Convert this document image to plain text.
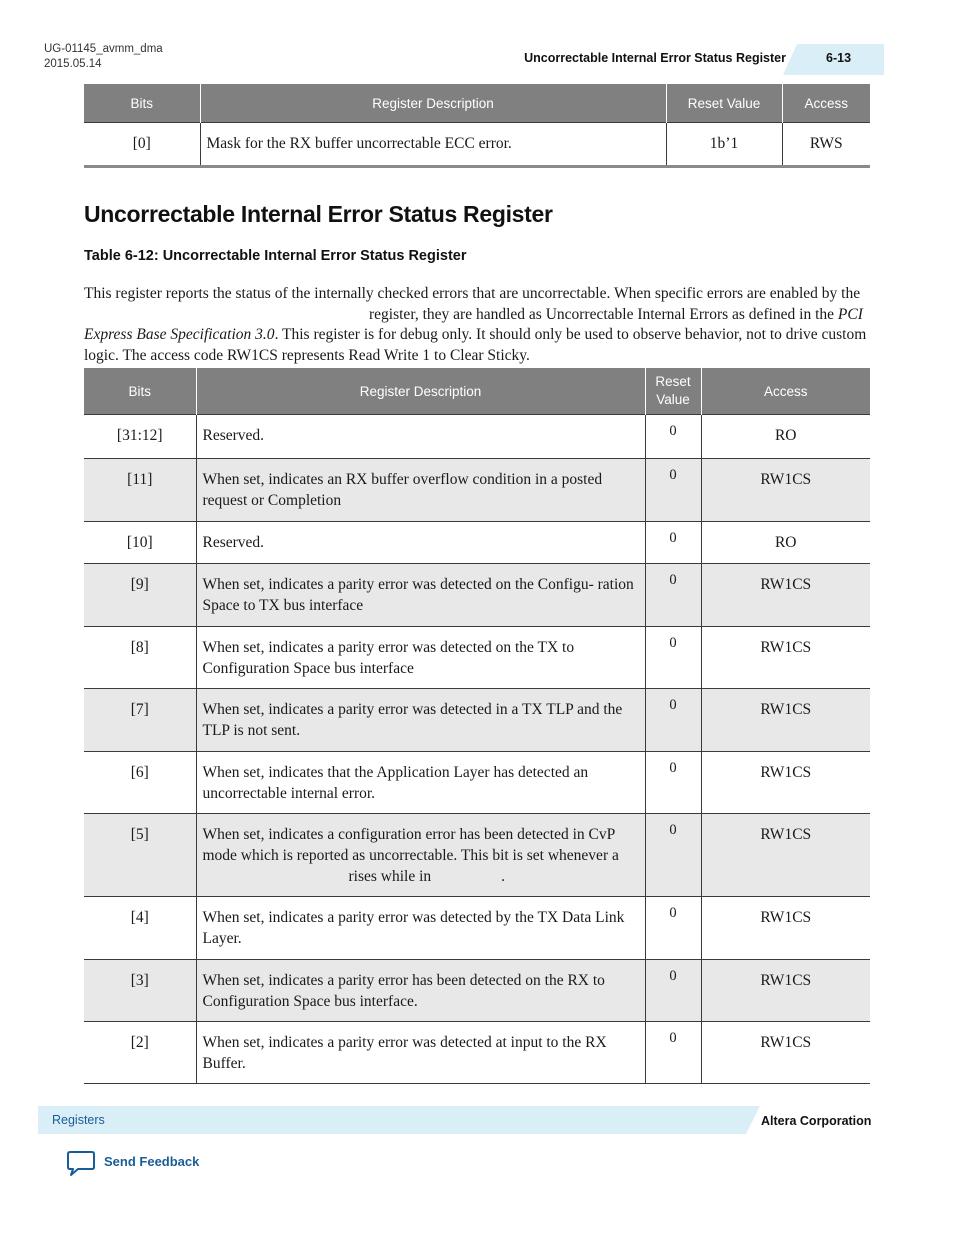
UG-01145_avmm_dma
2015.05.14	Uncorrectable Internal Error Status Register	6-13
Bits	Register Description	Reset Value	Access
[0]	Mask for the RX buffer uncorrectable ECC error.	1b’1	RWS
Uncorrectable Internal Error Status Register

Table 6-12: Uncorrectable Internal Error Status Register

This register reports the status of the internally checked errors that are uncorrectable. When specific errors are enabled by theregister, they are handled as Uncorrectable Internal Errors as defined in the PCI Express Base Specification 3.0. This register is for debug only. It should only be used to observe behavior, not to drive custom logic. The access code RW1CS represents Read Write 1 to Clear Sticky.

Bits	Register Description	Reset Value	Access
[31:12]	Reserved.	0	RO
[11]	When set, indicates an RX buffer overflow condition in a posted request or Completion	0	RW1CS
[10]	Reserved.	0	RO
[9]	When set, indicates a parity error was detected on the Configu- ration Space to TX bus interface	0	RW1CS
[8]	When set, indicates a parity error was detected on the TX to Configuration Space bus interface	0	RW1CS
[7]	When set, indicates a parity error was detected in a TX TLP and the TLP is not sent.	0	RW1CS
[6]	When set, indicates that the Application Layer has detected an uncorrectable internal error.	0	RW1CS
[5]	When set, indicates a configuration error has been detected in CvP mode which is reported as uncorrectable. This bit is set whenever arises while in .	0	RW1CS
[4]	When set, indicates a parity error was detected by the TX Data Link Layer.	0	RW1CS
[3]	When set, indicates a parity error has been detected on the RX to Configuration Space bus interface.	0	RW1CS
[2]	When set, indicates a parity error was detected at input to the RX Buffer.	0	RW1CS
Registers	Altera Corporation
Send Feedback
